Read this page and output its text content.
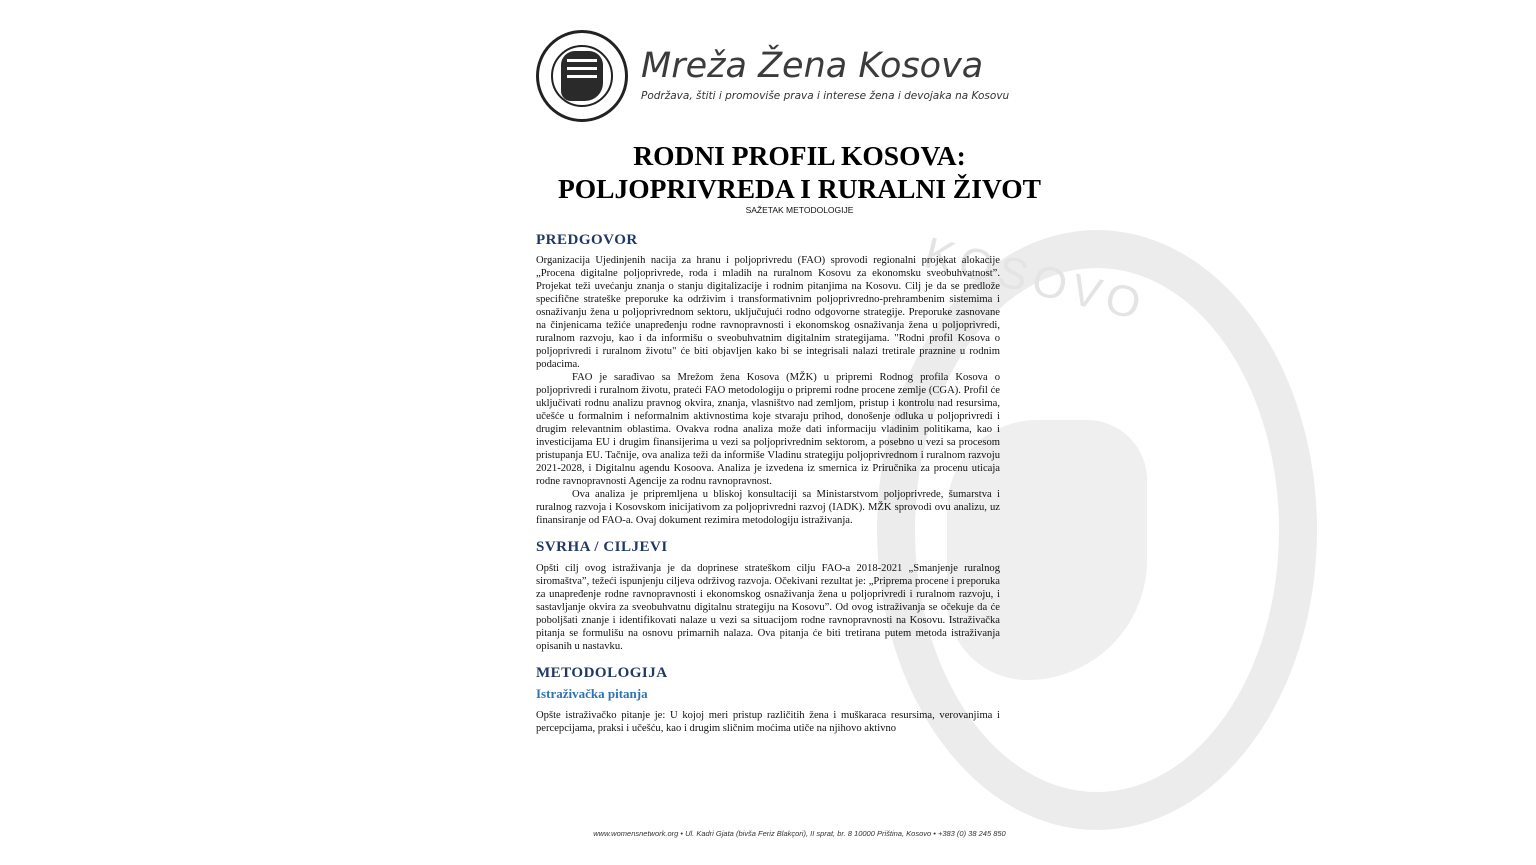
KOSOVO
Mreža Žena Kosova
Podržava, štiti i promoviše prava i interese žena i devojaka na Kosovu
RODNI PROFIL KOSOVA:
POLJOPRIVREDA I RURALNI ŽIVOT
SAŽETAK METODOLOGIJE
PREDGOVOR

Organizacija Ujedinjenih nacija za hranu i poljoprivredu (FAO) sprovodi regionalni projekat alokacije „Procena digitalne poljoprivrede, roda i mladih na ruralnom Kosovu za ekonomsku sveobuhvatnost”. Projekat teži uvećanju znanja o stanju digitalizacije i rodnim pitanjima na Kosovu. Cilj je da se predlože specifične strateške preporuke ka održivim i transformativnim poljoprivredno-prehrambenim sistemima i osnaživanju žena u poljoprivrednom sektoru, uključujući rodno odgovorne strategije. Preporuke zasnovane na činjenicama težiće unapređenju rodne ravnopravnosti i ekonomskog osnaživanja žena u poljoprivredi, ruralnom razvoju, kao i da informišu o sveobuhvatnim digitalnim strategijama. "Rodni profil Kosova o poljoprivredi i ruralnom životu" će biti objavljen kako bi se integrisali nalazi tretirale praznine u rodnim podacima.

FAO je sarađivao sa Mrežom žena Kosova (MŽK) u pripremi Rodnog profila Kosova o poljoprivredi i ruralnom životu, prateći FAO metodologiju o pripremi rodne procene zemlje (CGA). Profil će uključivati rodnu analizu pravnog okvira, znanja, vlasništvo nad zemljom, pristup i kontrolu nad resursima, učešće u formalnim i neformalnim aktivnostima koje stvaraju prihod, donošenje odluka u poljoprivredi i drugim relevantnim oblastima. Ovakva rodna analiza može dati informaciju vladinim politikama, kao i investicijama EU i drugim finansijerima u vezi sa poljoprivrednim sektorom, a posebno u vezi sa procesom pristupanja EU. Tačnije, ova analiza teži da informiše Vladinu strategiju poljoprivrednom i ruralnom razvoju 2021-2028, i Digitalnu agendu Kosoova. Analiza je izvedena iz smernica iz Priručnika za procenu uticaja rodne ravnopravnosti Agencije za rodnu ravnopravnost.

Ova analiza je pripremljena u bliskoj konsultaciji sa Ministarstvom poljoprivrede, šumarstva i ruralnog razvoja i Kosovskom inicijativom za poljoprivredni razvoj (IADK). MŽK sprovodi ovu analizu, uz finansiranje od FAO-a. Ovaj dokument rezimira metodologiju istraživanja.

SVRHA / CILJEVI

Opšti cilj ovog istraživanja je da doprinese strateškom cilju FAO-a 2018-2021 „Smanjenje ruralnog siromaštva”, težeći ispunjenju ciljeva održivog razvoja. Očekivani rezultat je: „Priprema procene i preporuka za unapređenje rodne ravnopravnosti i ekonomskog osnaživanja žena u poljoprivredi i ruralnom razvoju, i sastavljanje okvira za sveobuhvatnu digitalnu strategiju na Kosovu”. Od ovog istraživanja se očekuje da će poboljšati znanje i identifikovati nalaze u vezi sa situacijom rodne ravnopravnosti na Kosovu. Istraživačka pitanja se formulišu na osnovu primarnih nalaza. Ova pitanja će biti tretirana putem metoda istraživanja opisanih u nastavku.

METODOLOGIJA
Istraživačka pitanja

Opšte istraživačko pitanje je: U kojoj meri pristup različitih žena i muškaraca resursima, verovanjima i percepcijama, praksi i učešću, kao i drugim sličnim moćima utiče na njihovo aktivno

www.womensnetwork.org • Ul. Kadri Gjata (bivša Feriz Blakçori), II sprat, br. 8 10000 Priština, Kosovo • +383 (0) 38 245 850
